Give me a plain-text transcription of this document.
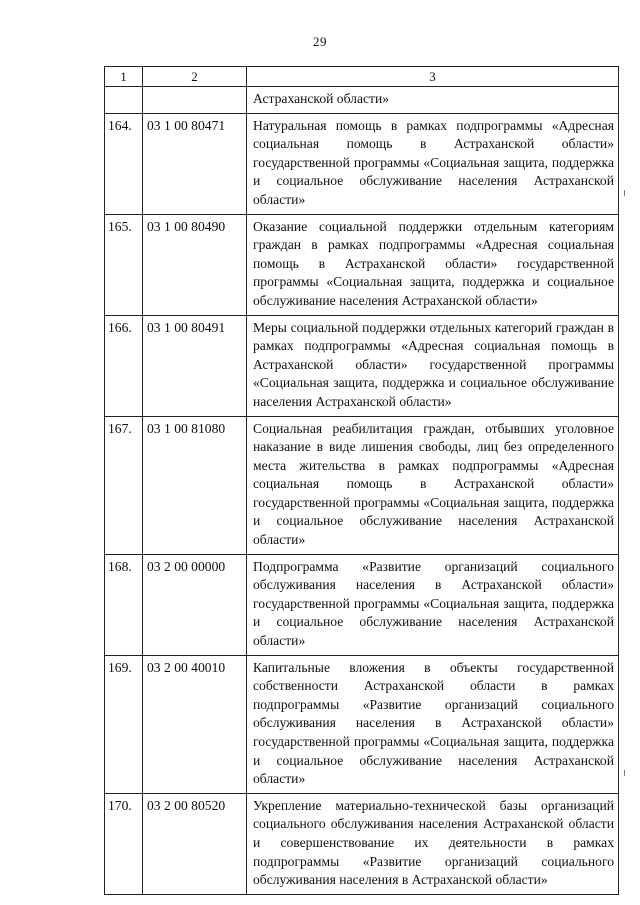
29
1	2	3
		Астраханской области»
164.	03 1 00 80471	Натуральная помощь в рамках подпрограммы «Адресная социальная помощь в Астраханской области» государственной программы «Социальная защита, поддержка и социальное обслуживание населения Астраханской области»
165.	03 1 00 80490	Оказание социальной поддержки отдельным категориям граждан в рамках подпрограммы «Адресная социальная помощь в Астраханской области» государственной программы «Социальная защита, поддержка и социальное обслуживание населения Астраханской области»
166.	03 1 00 80491	Меры социальной поддержки отдельных категорий граждан в рамках подпрограммы «Адресная социальная помощь в Астраханской области» государственной программы «Социальная защита, поддержка и социальное обслуживание населения Астраханской области»
167.	03 1 00 81080	Социальная реабилитация граждан, отбывших уголовное наказание в виде лишения свободы, лиц без определенного места жительства в рамках подпрограммы «Адресная социальная помощь в Астраханской области» государственной программы «Социальная защита, поддержка и социальное обслуживание населения Астраханской области»
168.	03 2 00 00000	Подпрограмма «Развитие организаций социального обслуживания населения в Астраханской области» государственной программы «Социальная защита, поддержка и социальное обслуживание населения Астраханской области»
169.	03 2 00 40010	Капитальные вложения в объекты государственной собственности Астраханской области в рамках подпрограммы «Развитие организаций социального обслуживания населения в Астраханской области» государственной программы «Социальная защита, поддержка и социальное обслуживание населения Астраханской области»
170.	03 2 00 80520	Укрепление материально-технической базы организаций социального обслуживания населения Астраханской области и совершенствование их деятельности в рамках подпрограммы «Развитие организаций социального обслуживания населения в Астраханской области»
